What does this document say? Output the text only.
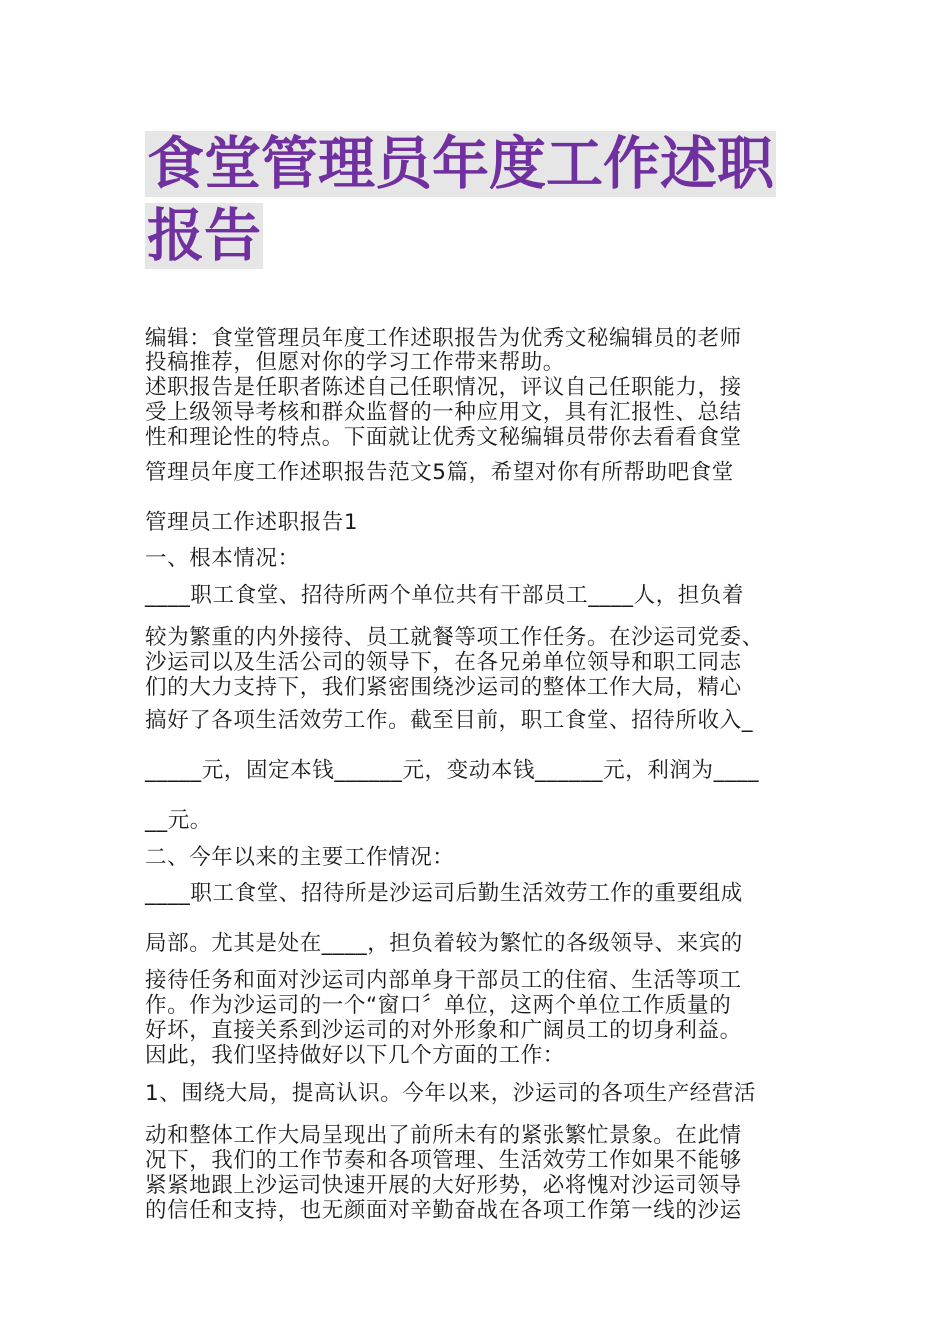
食堂管理员年度工作述职
报告
编辑：食堂管理员年度工作述职报告为优秀文秘编辑员的老师
投稿推荐，但愿对你的学习工作带来帮助。
述职报告是任职者陈述自己任职情况，评议自己任职能力，接
受上级领导考核和群众监督的一种应用文，具有汇报性、总结
性和理论性的特点。下面就让优秀文秘编辑员带你去看看食堂
管理员年度工作述职报告范文5篇，希望对你有所帮助吧食堂
管理员工作述职报告1
一、根本情况：
____职工食堂、招待所两个单位共有干部员工____人，担负着
较为繁重的内外接待、员工就餐等项工作任务。在沙运司党委、
沙运司以及生活公司的领导下，在各兄弟单位领导和职工同志
们的大力支持下，我们紧密围绕沙运司的整体工作大局，精心
搞好了各项生活效劳工作。截至目前，职工食堂、招待所收入_
_____元，固定本钱______元，变动本钱______元，利润为____
__元。
二、今年以来的主要工作情况：
____职工食堂、招待所是沙运司后勤生活效劳工作的重要组成
局部。尤其是处在____，担负着较为繁忙的各级领导、来宾的
接待任务和面对沙运司内部单身干部员工的住宿、生活等项工
作。作为沙运司的一个“窗口〞单位，这两个单位工作质量的
好坏，直接关系到沙运司的对外形象和广阔员工的切身利益。
因此，我们坚持做好以下几个方面的工作：
1、围绕大局，提高认识。今年以来，沙运司的各项生产经营活
动和整体工作大局呈现出了前所未有的紧张繁忙景象。在此情
况下，我们的工作节奏和各项管理、生活效劳工作如果不能够
紧紧地跟上沙运司快速开展的大好形势，必将愧对沙运司领导
的信任和支持，也无颜面对辛勤奋战在各项工作第一线的沙运
